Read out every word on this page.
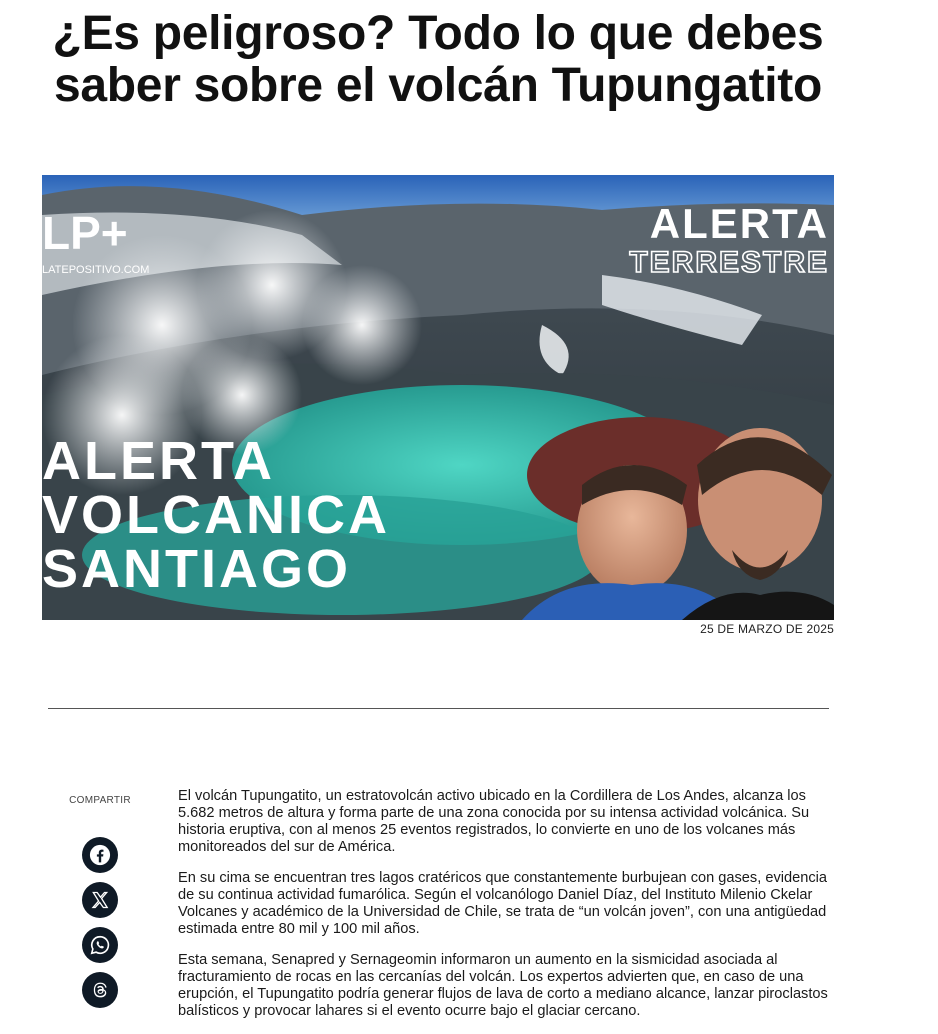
¿Es peligroso? Todo lo que debes saber sobre el volcán Tupungatito
LP+
LATEPOSITIVO.COM
ALERTA
TERRESTRE
ALERTA
VOLCANICA
SANTIAGO
25 DE MARZO DE 2025
COMPARTIR	El volcán Tupungatito, un estratovolcán activo ubicado en la Cordillera de Los Andes, alcanza los 5.682 metros de altura y forma parte de una zona conocida por su intensa actividad volcánica. Su historia eruptiva, con al menos 25 eventos registrados, lo convierte en uno de los volcanes más monitoreados del sur de América.

En su cima se encuentran tres lagos cratéricos que constantemente burbujean con gases, evidencia de su continua actividad fumarólica. Según el volcanólogo Daniel Díaz, del Instituto Milenio Ckelar Volcanes y académico de la Universidad de Chile, se trata de “un volcán joven”, con una antigüedad estimada entre 80 mil y 100 mil años.

Esta semana, Senapred y Sernageomin informaron un aumento en la sismicidad asociada al fracturamiento de rocas en las cercanías del volcán. Los expertos advierten que, en caso de una erupción, el Tupungatito podría generar flujos de lava de corto a mediano alcance, lanzar piroclastos balísticos y provocar lahares si el evento ocurre bajo el glaciar cercano.
